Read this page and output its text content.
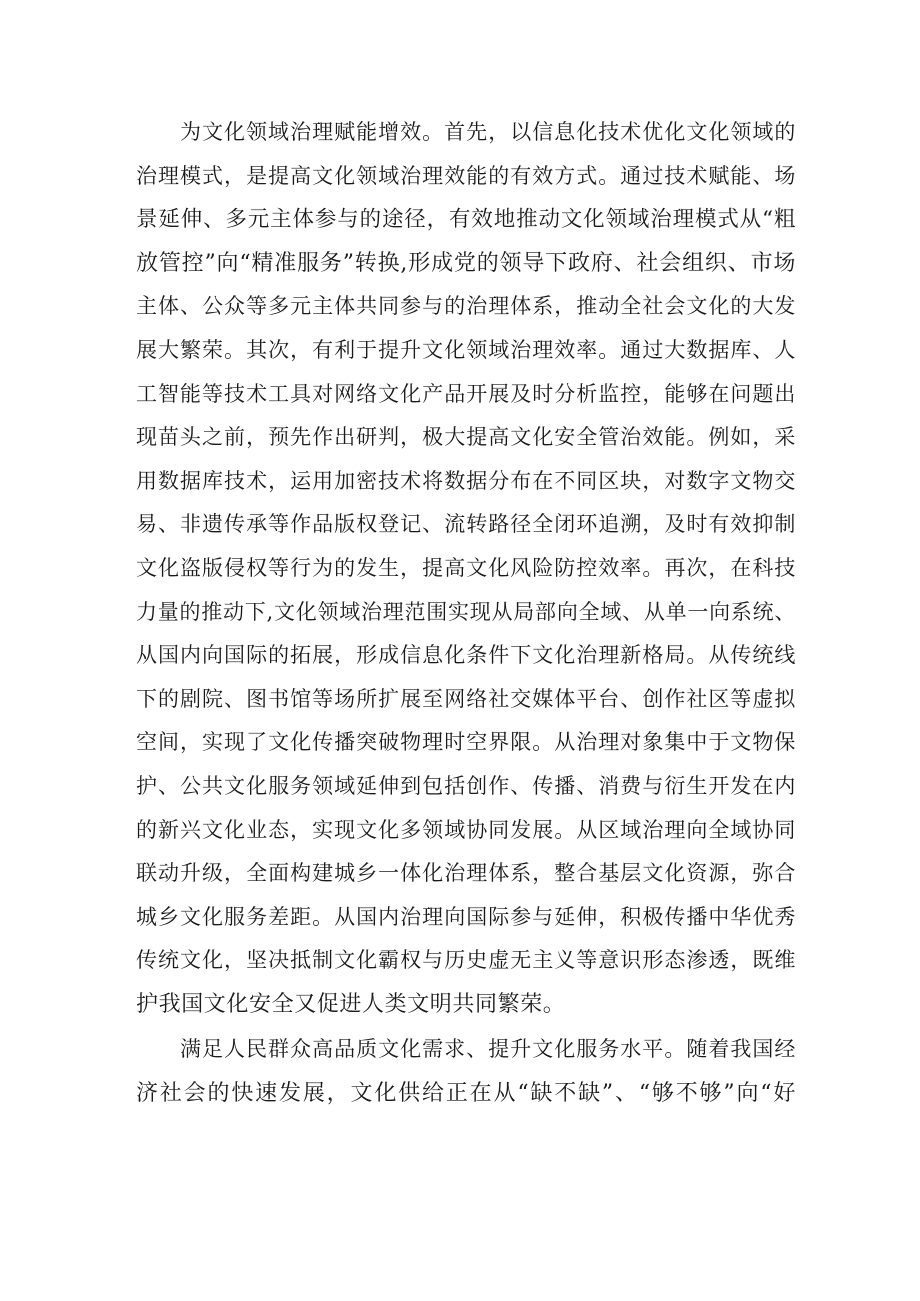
为文化领域治理赋能增效。首先，以信息化技术优化文化领域的
治理模式，是提高文化领域治理效能的有效方式。通过技术赋能、场
景延伸、多元主体参与的途径，有效地推动文化领域治理模式从“粗
放管控”向“精准服务”转换,形成党的领导下政府、社会组织、市场
主体、公众等多元主体共同参与的治理体系，推动全社会文化的大发
展大繁荣。其次，有利于提升文化领域治理效率。通过大数据库、人
工智能等技术工具对网络文化产品开展及时分析监控，能够在问题出
现苗头之前，预先作出研判，极大提高文化安全管治效能。例如，采
用数据库技术，运用加密技术将数据分布在不同区块，对数字文物交
易、非遗传承等作品版权登记、流转路径全闭环追溯，及时有效抑制
文化盗版侵权等行为的发生，提高文化风险防控效率。再次，在科技
力量的推动下,文化领域治理范围实现从局部向全域、从单一向系统、
从国内向国际的拓展，形成信息化条件下文化治理新格局。从传统线
下的剧院、图书馆等场所扩展至网络社交媒体平台、创作社区等虚拟
空间，实现了文化传播突破物理时空界限。从治理对象集中于文物保
护、公共文化服务领域延伸到包括创作、传播、消费与衍生开发在内
的新兴文化业态，实现文化多领域协同发展。从区域治理向全域协同
联动升级，全面构建城乡一体化治理体系，整合基层文化资源，弥合
城乡文化服务差距。从国内治理向国际参与延伸，积极传播中华优秀
传统文化，坚决抵制文化霸权与历史虚无主义等意识形态渗透，既维
护我国文化安全又促进人类文明共同繁荣。
满足人民群众高品质文化需求、提升文化服务水平。随着我国经
济社会的快速发展，文化供给正在从“缺不缺”、“够不够”向“好
